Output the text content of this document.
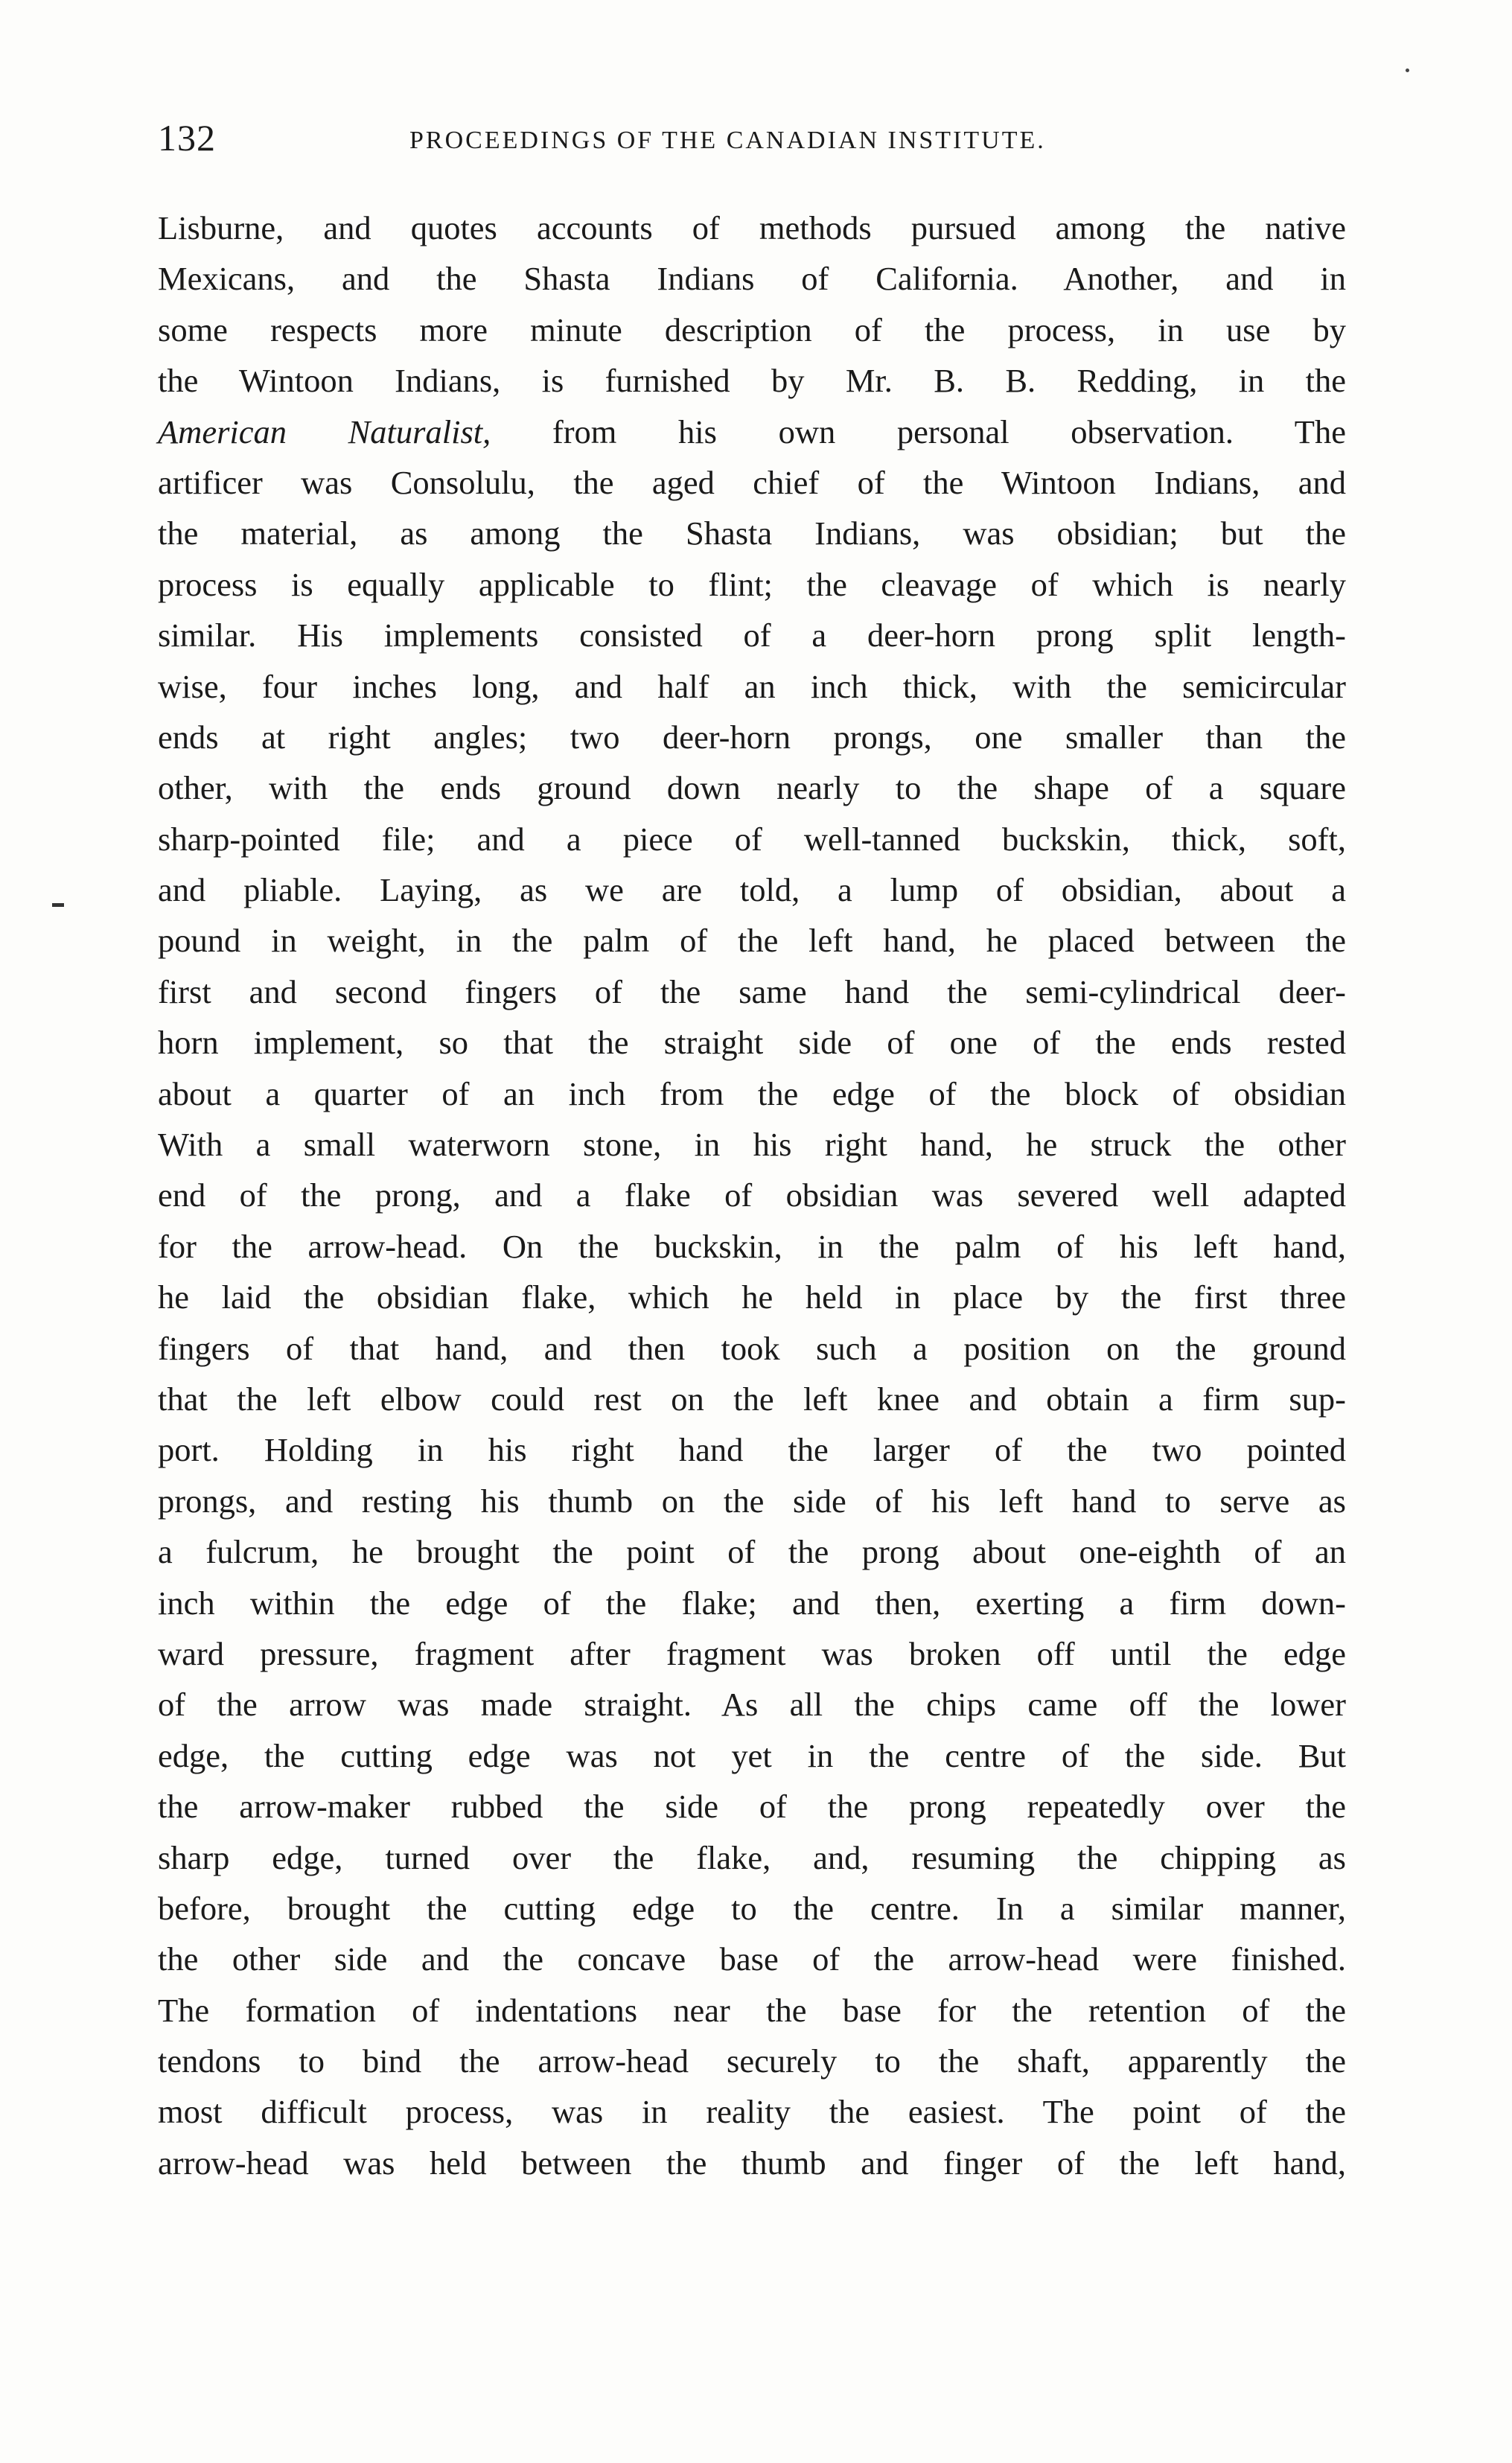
132	PROCEEDINGS OF THE CANADIAN INSTITUTE.
Lisburne, and quotes accounts of methods pursued among the native
Mexicans, and the Shasta Indians of California. Another, and in
some respects more minute description of the process, in use by
the Wintoon Indians, is furnished by Mr. B. B. Redding, in the
American Naturalist, from his own personal observation. The
artificer was Consolulu, the aged chief of the Wintoon Indians, and
the material, as among the Shasta Indians, was obsidian; but the
process is equally applicable to flint; the cleavage of which is nearly
similar. His implements consisted of a deer-horn prong split length-
wise, four inches long, and half an inch thick, with the semicircular
ends at right angles; two deer-horn prongs, one smaller than the
other, with the ends ground down nearly to the shape of a square
sharp-pointed file; and a piece of well-tanned buckskin, thick, soft,
and pliable. Laying, as we are told, a lump of obsidian, about a
pound in weight, in the palm of the left hand, he placed between the
first and second fingers of the same hand the semi-cylindrical deer-
horn implement, so that the straight side of one of the ends rested
about a quarter of an inch from the edge of the block of obsidian
With a small waterworn stone, in his right hand, he struck the other
end of the prong, and a flake of obsidian was severed well adapted
for the arrow-head. On the buckskin, in the palm of his left hand,
he laid the obsidian flake, which he held in place by the first three
fingers of that hand, and then took such a position on the ground
that the left elbow could rest on the left knee and obtain a firm sup-
port. Holding in his right hand the larger of the two pointed
prongs, and resting his thumb on the side of his left hand to serve as
a fulcrum, he brought the point of the prong about one-eighth of an
inch within the edge of the flake; and then, exerting a firm down-
ward pressure, fragment after fragment was broken off until the edge
of the arrow was made straight. As all the chips came off the lower
edge, the cutting edge was not yet in the centre of the side. But
the arrow-maker rubbed the side of the prong repeatedly over the
sharp edge, turned over the flake, and, resuming the chipping as
before, brought the cutting edge to the centre. In a similar manner,
the other side and the concave base of the arrow-head were finished.
The formation of indentations near the base for the retention of the
tendons to bind the arrow-head securely to the shaft, apparently the
most difficult process, was in reality the easiest. The point of the
arrow-head was held between the thumb and finger of the left hand,
